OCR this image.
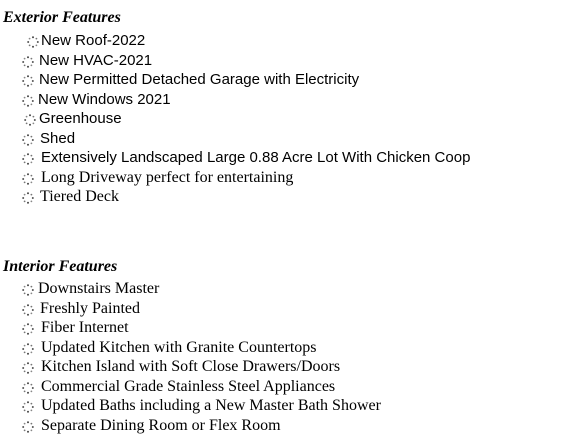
Exterior Features
New Roof-2022
New HVAC-2021
New Permitted Detached Garage with Electricity
New Windows 2021
Greenhouse
Shed
Extensively Landscaped Large 0.88 Acre Lot With Chicken Coop
Long Driveway perfect for entertaining
Tiered Deck
Interior Features
Downstairs Master
Freshly Painted
Fiber Internet
Updated Kitchen with Granite Countertops
Kitchen Island with Soft Close Drawers/Doors
Commercial Grade Stainless Steel Appliances
Updated Baths including a New Master Bath Shower
Separate Dining Room or Flex Room
